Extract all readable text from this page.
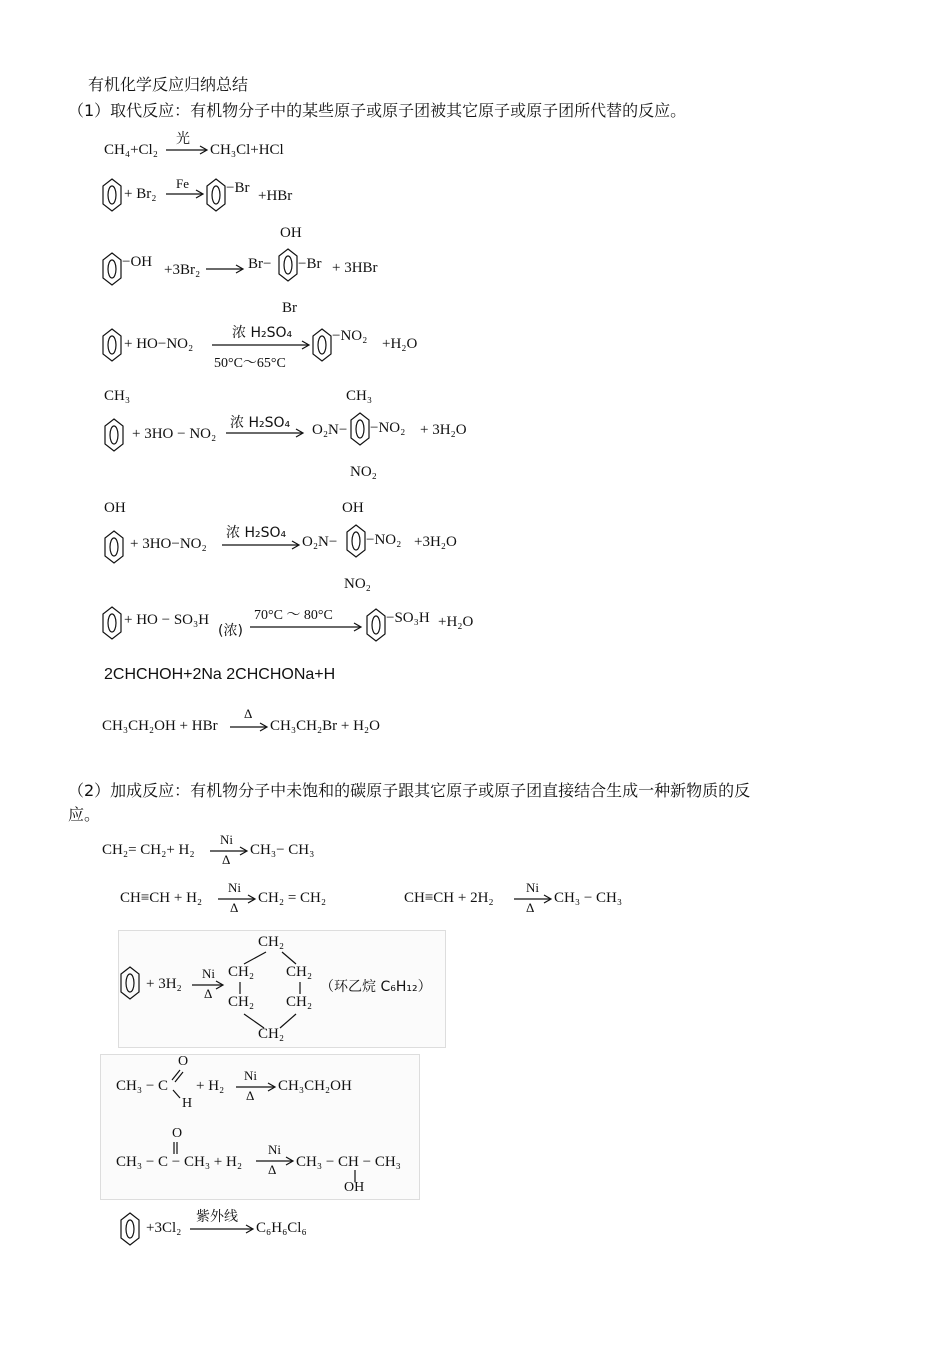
有机化学反应归纳总结
（1）取代反应：有机物分子中的某些原子或原子团被其它原子或原子团所代替的反应。
CH₄+Cl₂
光
CH₃Cl+HCl
+ Br₂
Fe −Br +HBr
−OH +3Br₂
OH
Br− −Br
Br
+ 3HBr
+ HO−NO₂
浓 H₂SO₄
50°C～65°C
−NO₂ +H₂O
CH₃
+ 3HO − NO₂
浓 H₂SO₄
CH₃
O₂N− −NO₂
NO₂
+ 3H₂O
OH
+ 3HO−NO₂
浓 H₂SO₄
OH
O₂N− −NO₂
NO₂
+3H₂O
+ HO − SO₃H
(浓)
70°C ～ 80°C	−SO₃H +H₂O
2CHCHOH+2Na 2CHCHONa+H
CH₃CH₂OH + HBr
Δ
CH₃CH₂Br + H₂O
（2）加成反应：有机物分子中未饱和的碳原子跟其它原子或原子团直接结合生成一种新物质的反
应。
CH₂= CH₂+ H₂
Ni
Δ
CH₃− CH₃
CH≡CH + H₂
Ni
Δ
CH₂ = CH₂	CH≡CH + 2H₂
Ni
Δ
CH₃ − CH₃
+ 3H₂
Ni
Δ
CH₂
CH₂ CH₂
CH₂ CH₂
CH₂
（环乙烷 C₆H₁₂）
CH₃ − C
O
H
+ H₂
Ni
Δ
CH₃CH₂OH
O
CH₃ − C − CH₃ + H₂
Ni
Δ CH₃ − CH − CH₃
OH
+3Cl₂
紫外线
C₆H₆Cl₆
